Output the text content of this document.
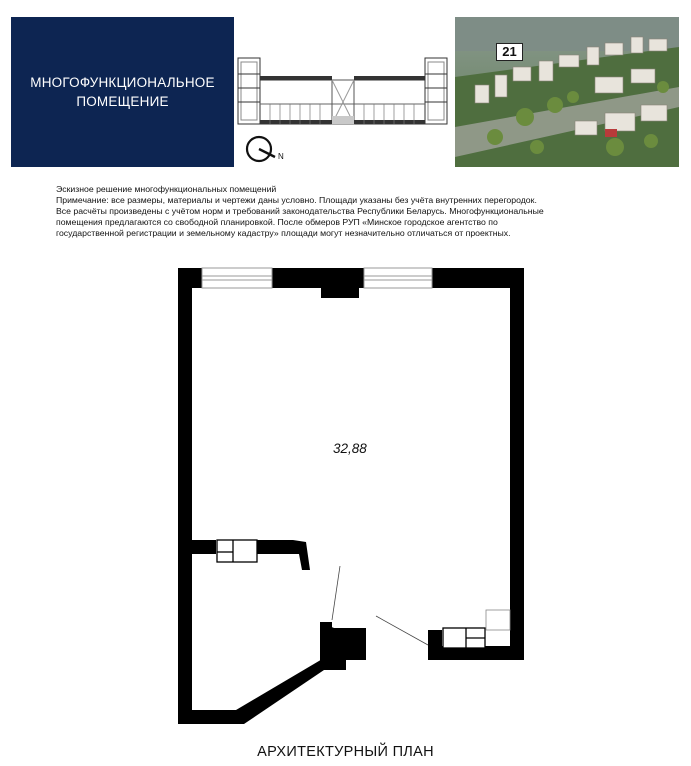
МНОГОФУНКЦИОНАЛЬНОЕ
ПОМЕЩЕНИЕ
N
21
Эскизное решение многофункциональных помещений
Примечание: все размеры, материалы и чертежи даны условно. Площади указаны без учёта внутренних перегородок.
Все расчёты произведены с учётом норм и требований законодательства Республики Беларусь. Многофункциональные
помещения предлагаются со свободной планировкой. После обмеров РУП «Минское городское агентство по
государственной регистрации и земельному кадастру» площади могут незначительно отличаться от проектных.
32,88
АРХИТЕКТУРНЫЙ ПЛАН
